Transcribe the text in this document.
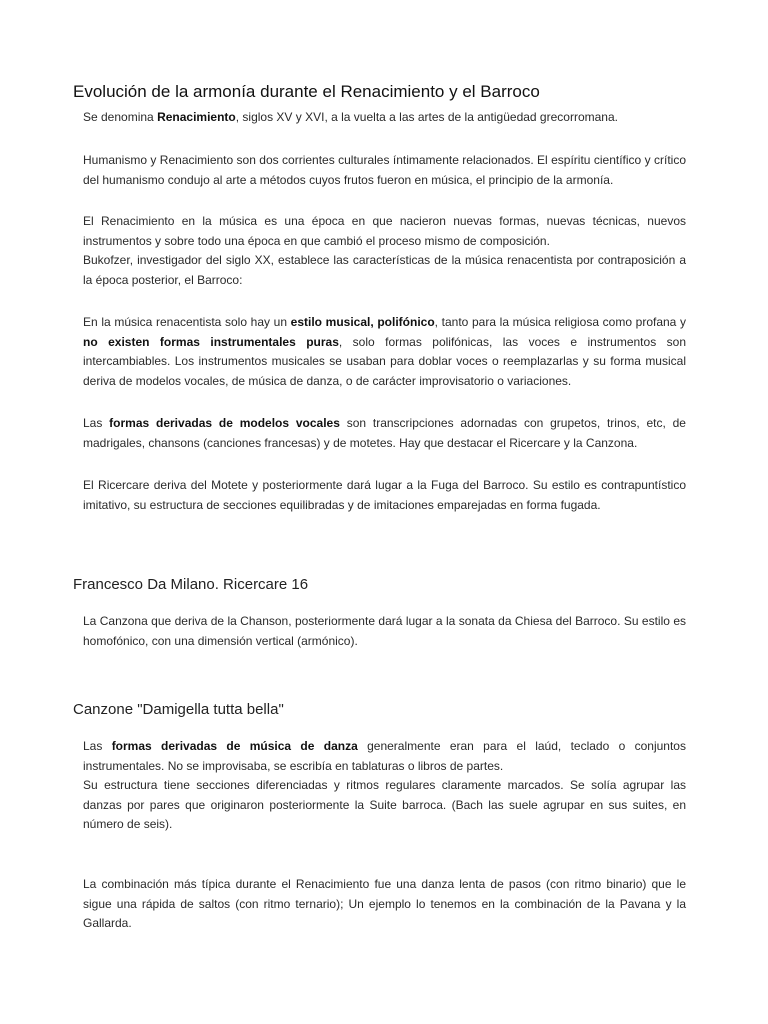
Evolución de la armonía durante el Renacimiento y el Barroco

Se denomina Renacimiento, siglos XV y XVI, a la vuelta a las artes de la antigüedad grecorromana.

Humanismo y Renacimiento son dos corrientes culturales íntimamente relacionados. El espíritu científico y crítico del humanismo condujo al arte a métodos cuyos frutos fueron en música, el principio de la armonía.

El Renacimiento en la música es una época en que nacieron nuevas formas, nuevas técnicas, nuevos instrumentos y sobre todo una época en que cambió el proceso mismo de composición.
Bukofzer, investigador del siglo XX, establece las características de la música renacentista por contraposición a la época posterior, el Barroco:

En la música renacentista solo hay un estilo musical, polifónico, tanto para la música religiosa como profana y no existen formas instrumentales puras, solo formas polifónicas, las voces e instrumentos son intercambiables. Los instrumentos musicales se usaban para doblar voces o reemplazarlas y su forma musical deriva de modelos vocales, de música de danza, o de carácter improvisatorio o variaciones.

Las formas derivadas de modelos vocales son transcripciones adornadas con grupetos, trinos, etc, de madrigales, chansons (canciones francesas) y de motetes. Hay que destacar el Ricercare y la Canzona.

El Ricercare deriva del Motete y posteriormente dará lugar a la Fuga del Barroco. Su estilo es contrapuntístico imitativo, su estructura de secciones equilibradas y de imitaciones emparejadas en forma fugada.

Francesco Da Milano. Ricercare 16

La Canzona que deriva de la Chanson, posteriormente dará lugar a la sonata da Chiesa del Barroco. Su estilo es homofónico, con una dimensión vertical (armónico).

Canzone "Damigella tutta bella"

Las formas derivadas de música de danza generalmente eran para el laúd, teclado o conjuntos instrumentales. No se improvisaba, se escribía en tablaturas o libros de partes.
Su estructura tiene secciones diferenciadas y ritmos regulares claramente marcados. Se solía agrupar las danzas por pares que originaron posteriormente la Suite barroca. (Bach las suele agrupar en sus suites, en número de seis).

La combinación más típica durante el Renacimiento fue una danza lenta de pasos (con ritmo binario) que le sigue una rápida de saltos (con ritmo ternario); Un ejemplo lo tenemos en la combinación de la Pavana y la Gallarda.
